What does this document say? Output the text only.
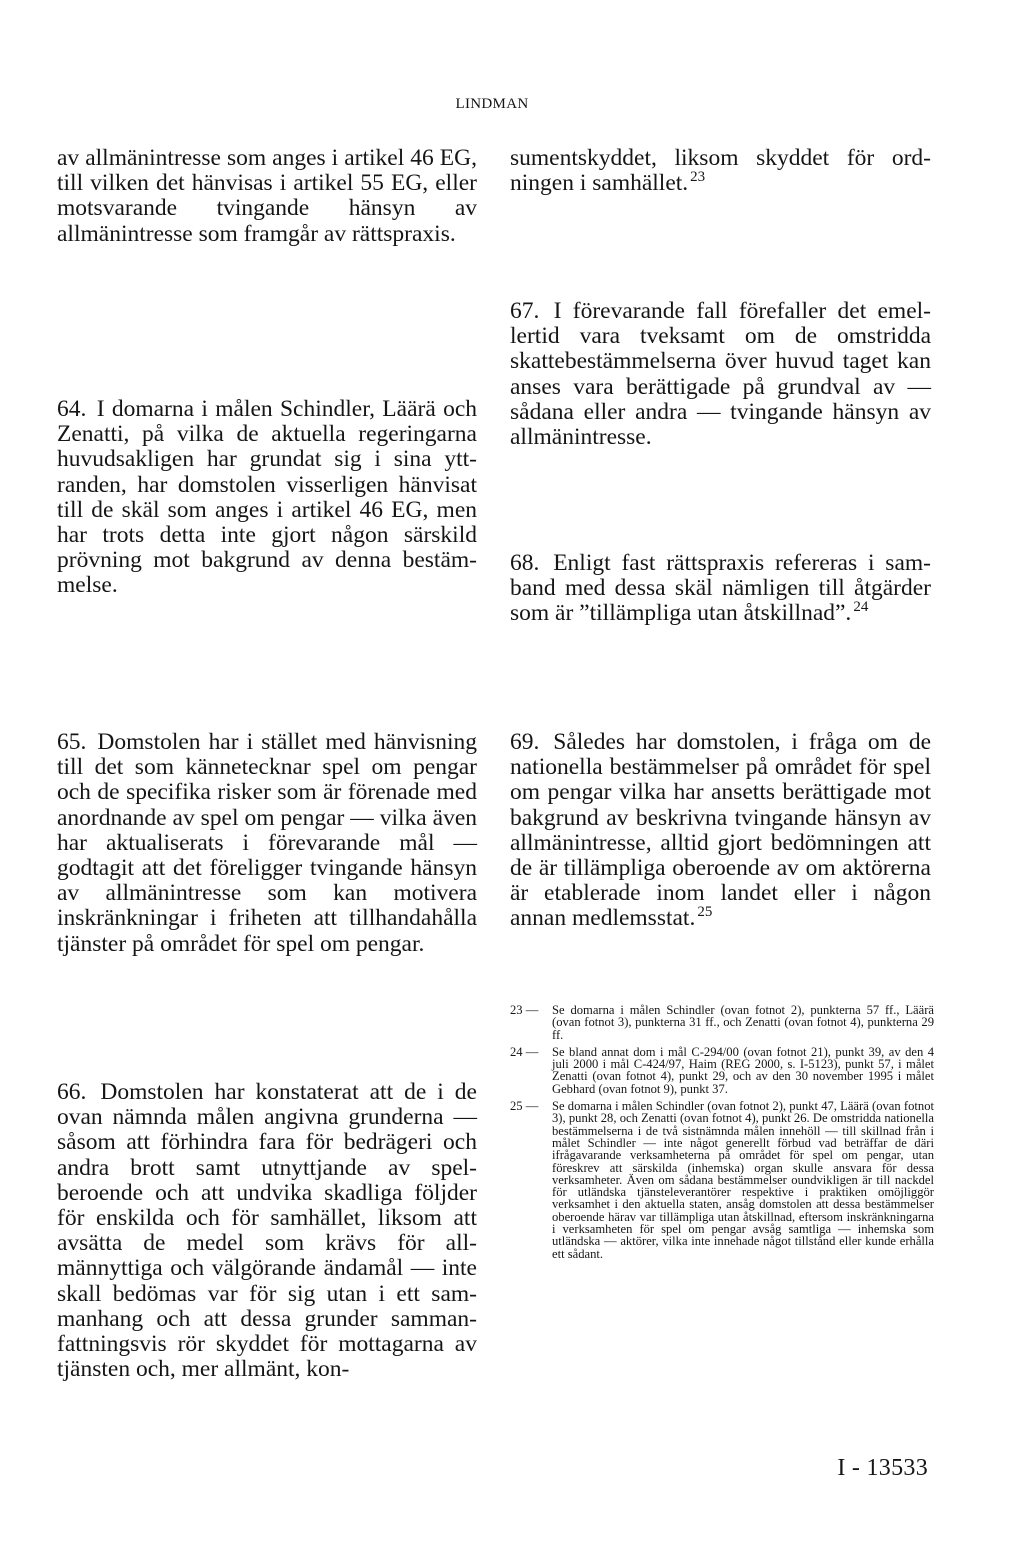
LINDMAN
av allmänintresse som anges i artikel 46 EG, till vilken det hänvisas i artikel 55 EG, eller motsvarande tvingande hänsyn av allmänintresse som framgår av rättspraxis.
64. I domarna i målen Schindler, Läärä och Zenatti, på vilka de aktuella regeringarna huvudsakligen har grundat sig i sina yttranden, har domstolen visserligen hänvisat till de skäl som anges i artikel 46 EG, men har trots detta inte gjort någon särskild prövning mot bakgrund av denna bestämmelse.
65. Domstolen har i stället med hänvisning till det som kännetecknar spel om pengar och de specifika risker som är förenade med anordnande av spel om pengar — vilka även har aktualiserats i förevarande mål — godtagit att det föreligger tvingande hänsyn av allmänintresse som kan motivera inskränkningar i friheten att tillhandahålla tjänster på området för spel om pengar.
66. Domstolen har konstaterat att de i de ovan nämnda målen angivna grunderna — såsom att förhindra fara för bedrägeri och andra brott samt utnyttjande av spelberoende och att undvika skadliga följder för enskilda och för samhället, liksom att avsätta de medel som krävs för allmännyttiga och välgörande ändamål — inte skall bedömas var för sig utan i ett sammanhang och att dessa grunder sammanfattningsvis rör skyddet för mottagarna av tjänsten och, mer allmänt, kon-
sumentskyddet, liksom skyddet för ordningen i samhället. $^{23}$
67. I förevarande fall förefaller det emellertid vara tveksamt om de omstridda skattebestämmelserna över huvud taget kan anses vara berättigade på grundval av — sådana eller andra — tvingande hänsyn av allmänintresse.
68. Enligt fast rättspraxis refereras i samband med dessa skäl nämligen till åtgärder som är ”tillämpliga utan åtskillnad”. $^{24}$
69. Således har domstolen, i fråga om de nationella bestämmelser på området för spel om pengar vilka har ansetts berättigade mot bakgrund av beskrivna tvingande hänsyn av allmänintresse, alltid gjort bedömningen att de är tillämpliga oberoende av om aktörerna är etablerade inom landet eller i någon annan medlemsstat. $^{25}$
23 —	Se domarna i målen Schindler (ovan fotnot 2), punkterna 57 ff., Läärä (ovan fotnot 3), punkterna 31 ff., och Zenatti (ovan fotnot 4), punkterna 29 ff.
24 —	Se bland annat dom i mål C-294/00 (ovan fotnot 21), punkt 39, av den 4 juli 2000 i mål C-424/97, Haim (REG 2000, s. I-5123), punkt 57, i målet Zenatti (ovan fotnot 4), punkt 29, och av den 30 november 1995 i målet Gebhard (ovan fotnot 9), punkt 37.
25 —	Se domarna i målen Schindler (ovan fotnot 2), punkt 47, Läärä (ovan fotnot 3), punkt 28, och Zenatti (ovan fotnot 4), punkt 26. De omstridda nationella bestämmelserna i de två sistnämnda målen innehöll — till skillnad från i målet Schindler — inte något generellt förbud vad beträffar de däri ifrågavarande verksamheterna på området för spel om pengar, utan föreskrev att särskilda (inhemska) organ skulle ansvara för dessa verksamheter. Även om sådana bestämmelser oundvikligen är till nackdel för utländska tjänsteleverantörer respektive i praktiken omöjliggör verksamhet i den aktuella staten, ansåg domstolen att dessa bestämmelser oberoende härav var tillämpliga utan åtskillnad, eftersom inskränkningarna i verksamheten för spel om pengar avsåg samtliga — inhemska som utländska — aktörer, vilka inte innehade något tillstånd eller kunde erhålla ett sådant.
I - 13533
